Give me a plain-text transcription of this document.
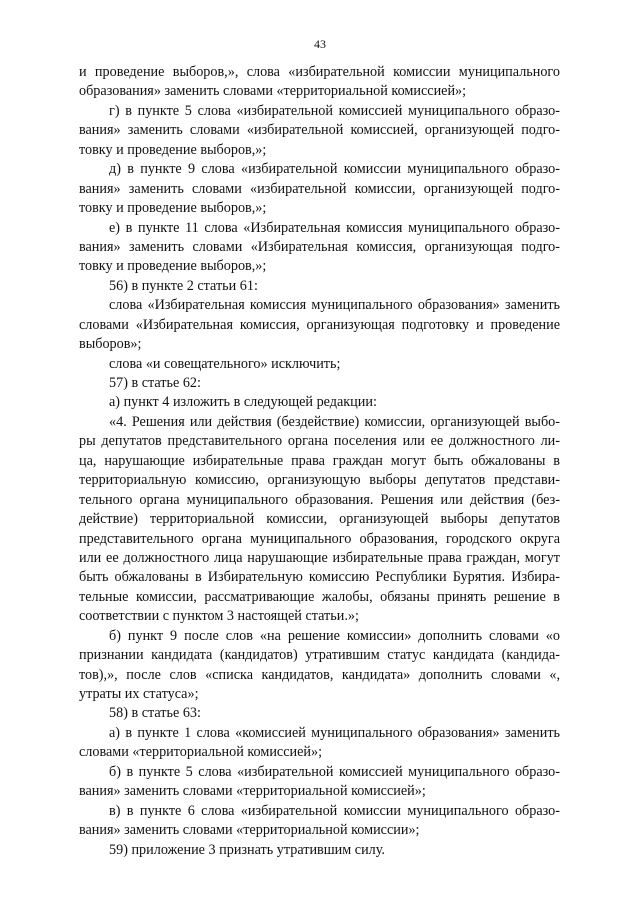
43
и проведение выборов,», слова «избирательной комиссии муниципального
образования» заменить словами «территориальной комиссией»;
г) в пункте 5 слова «избирательной комиссией муниципального образо-
вания» заменить словами «избирательной комиссией, организующей подго-
товку и проведение выборов,»;
д) в пункте 9 слова «избирательной комиссии муниципального образо-
вания» заменить словами «избирательной комиссии, организующей подго-
товку и проведение выборов,»;
е) в пункте 11 слова «Избирательная комиссия муниципального образо-
вания» заменить словами «Избирательная комиссия, организующая подго-
товку и проведение выборов,»;
56) в пункте 2 статьи 61:
слова «Избирательная комиссия муниципального образования» заменить
словами «Избирательная комиссия, организующая подготовку и проведение
выборов»;
слова «и совещательного» исключить;
57) в статье 62:
а) пункт 4 изложить в следующей редакции:
«4. Решения или действия (бездействие) комиссии, организующей выбо-
ры депутатов представительного органа поселения или ее должностного ли-
ца, нарушающие избирательные права граждан могут быть обжалованы в
территориальную комиссию, организующую выборы депутатов представи-
тельного органа муниципального образования. Решения или действия (без-
действие) территориальной комиссии, организующей выборы депутатов
представительного органа муниципального образования, городского округа
или ее должностного лица нарушающие избирательные права граждан, могут
быть обжалованы в Избирательную комиссию Республики Бурятия. Избира-
тельные комиссии, рассматривающие жалобы, обязаны принять решение в
соответствии с пунктом 3 настоящей статьи.»;
б) пункт 9 после слов «на решение комиссии» дополнить словами «о
признании кандидата (кандидатов) утратившим статус кандидата (кандида-
тов),», после слов «списка кандидатов, кандидата» дополнить словами «,
утраты их статуса»;
58) в статье 63:
а) в пункте 1 слова «комиссией муниципального образования» заменить
словами «территориальной комиссией»;
б) в пункте 5 слова «избирательной комиссией муниципального образо-
вания» заменить словами «территориальной комиссией»;
в) в пункте 6 слова «избирательной комиссии муниципального образо-
вания» заменить словами «территориальной комиссии»;
59) приложение 3 признать утратившим силу.
